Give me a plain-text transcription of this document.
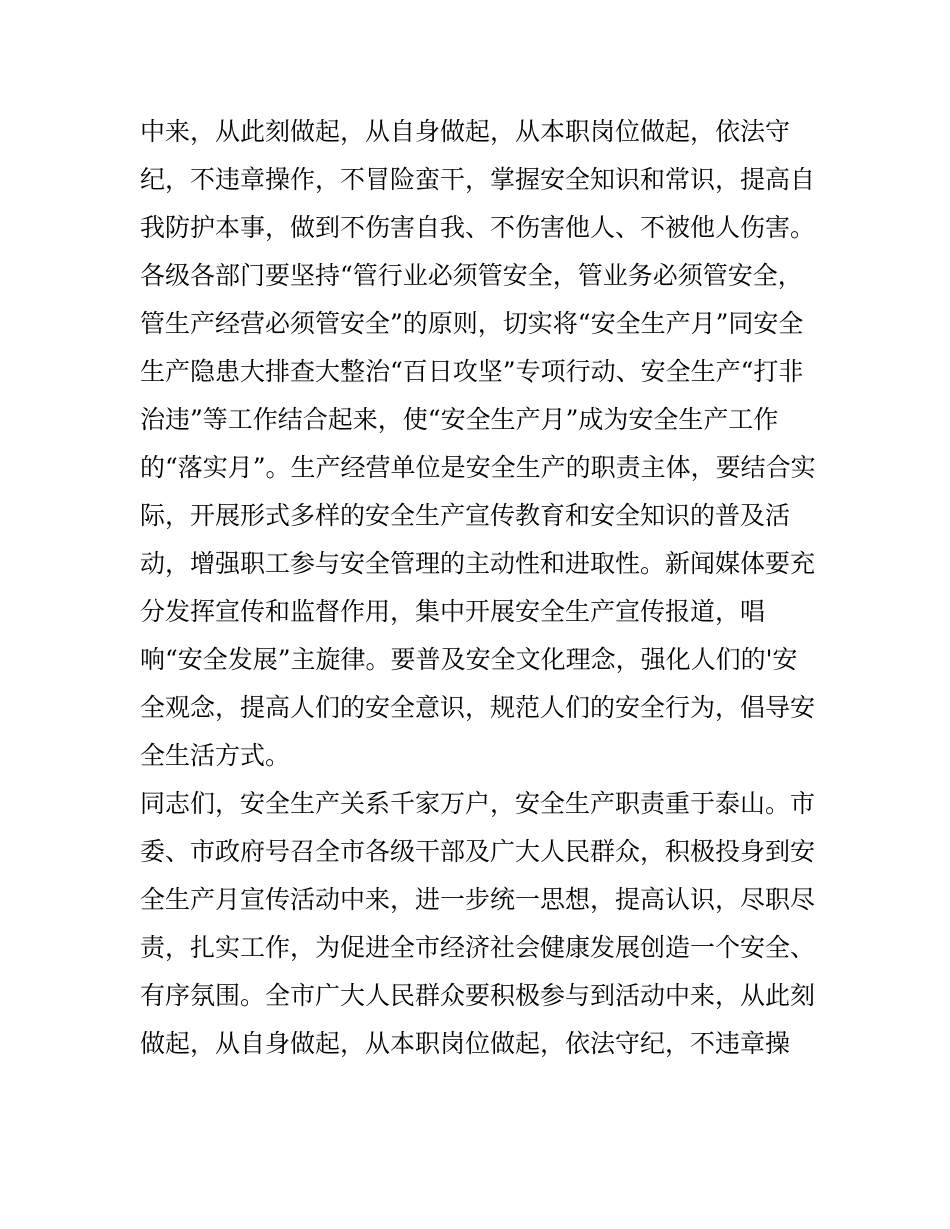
中来，从此刻做起，从自身做起，从本职岗位做起，依法守
纪，不违章操作，不冒险蛮干，掌握安全知识和常识，提高自
我防护本事，做到不伤害自我、不伤害他人、不被他人伤害。
各级各部门要坚持“管行业必须管安全，管业务必须管安全，
管生产经营必须管安全”的原则，切实将“安全生产月”同安全
生产隐患大排查大整治“百日攻坚”专项行动、安全生产“打非
治违”等工作结合起来，使“安全生产月”成为安全生产工作
的“落实月”。生产经营单位是安全生产的职责主体，要结合实
际，开展形式多样的安全生产宣传教育和安全知识的普及活
动，增强职工参与安全管理的主动性和进取性。新闻媒体要充
分发挥宣传和监督作用，集中开展安全生产宣传报道，唱
响“安全发展”主旋律。要普及安全文化理念，强化人们的'安
全观念，提高人们的安全意识，规范人们的安全行为，倡导安
全生活方式。
同志们，安全生产关系千家万户，安全生产职责重于泰山。市
委、市政府号召全市各级干部及广大人民群众，积极投身到安
全生产月宣传活动中来，进一步统一思想，提高认识，尽职尽
责，扎实工作，为促进全市经济社会健康发展创造一个安全、
有序氛围。全市广大人民群众要积极参与到活动中来，从此刻
做起，从自身做起，从本职岗位做起，依法守纪，不违章操
